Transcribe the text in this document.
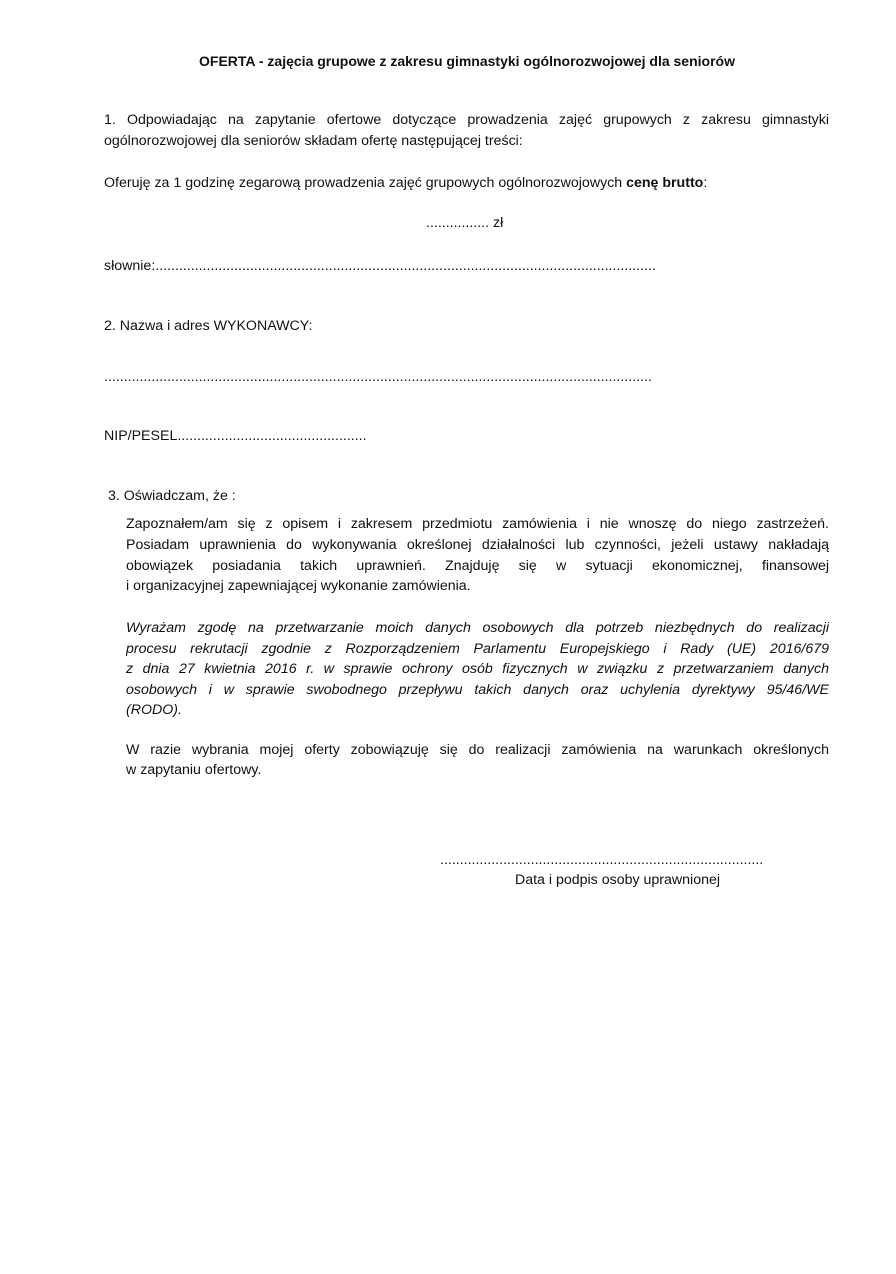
OFERTA - zajęcia grupowe z zakresu gimnastyki ogólnorozwojowej dla seniorów
1. Odpowiadając na zapytanie ofertowe dotyczące prowadzenia zajęć grupowych z zakresu gimnastyki
ogólnorozwojowej dla seniorów składam ofertę następującej treści:
Oferuję za 1 godzinę zegarową prowadzenia zajęć grupowych ogólnorozwojowych cenę brutto:
................ zł
słownie:...............................................................................................................................
2. Nazwa i adres WYKONAWCY:
...........................................................................................................................................
NIP/PESEL................................................
3. Oświadczam, że :
Zapoznałem/am się z opisem i zakresem przedmiotu zamówienia i nie wnoszę do niego zastrzeżeń.
Posiadam uprawnienia do wykonywania określonej działalności lub czynności, jeżeli ustawy nakładają
obowiązek posiadania takich uprawnień. Znajduję się w sytuacji ekonomicznej, finansowej
i organizacyjnej zapewniającej wykonanie zamówienia.
Wyrażam zgodę na przetwarzanie moich danych osobowych dla potrzeb niezbędnych do realizacji
procesu rekrutacji zgodnie z Rozporządzeniem Parlamentu Europejskiego i Rady (UE) 2016/679
z dnia 27 kwietnia 2016 r. w sprawie ochrony osób fizycznych w związku z przetwarzaniem danych
osobowych i w sprawie swobodnego przepływu takich danych oraz uchylenia dyrektywy 95/46/WE
(RODO).
W razie wybrania mojej oferty zobowiązuję się do realizacji zamówienia na warunkach określonych
w zapytaniu ofertowy.
..................................................................................
Data i podpis osoby uprawnionej
